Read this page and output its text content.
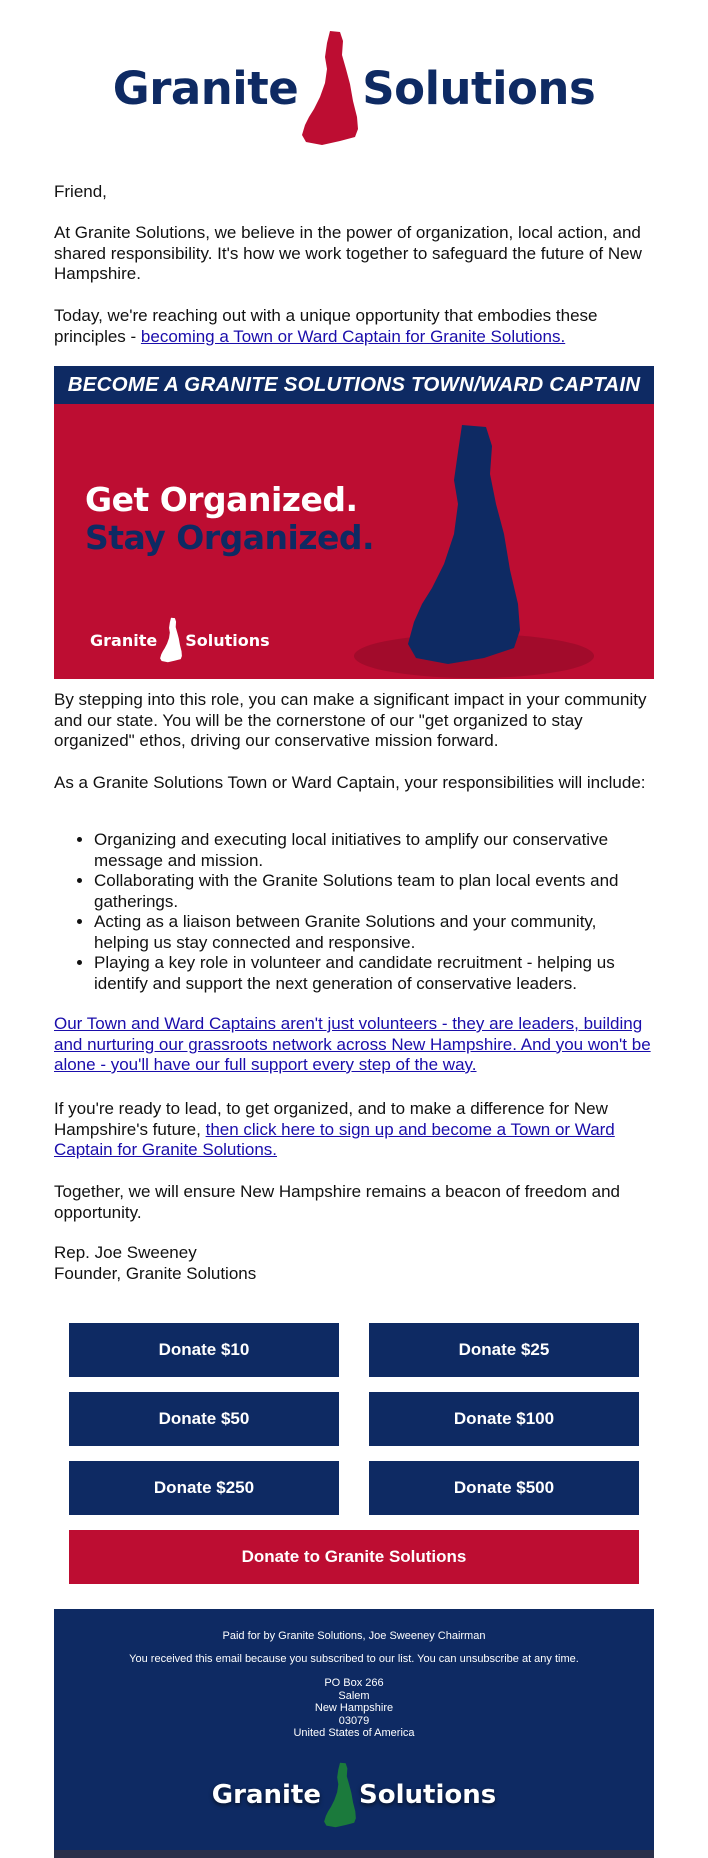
Granite Solutions

Friend,

At Granite Solutions, we believe in the power of organization, local action, and shared responsibility. It's how we work together to safeguard the future of New Hampshire.

Today, we're reaching out with a unique opportunity that embodies these principles - becoming a Town or Ward Captain for Granite Solutions.

BECOME A GRANITE SOLUTIONS TOWN/WARD CAPTAIN
Get Organized.
Stay Organized.
Granite Solutions

By stepping into this role, you can make a significant impact in your community and our state. You will be the cornerstone of our "get organized to stay organized" ethos, driving our conservative mission forward.

As a Granite Solutions Town or Ward Captain, your responsibilities will include:

• Organizing and executing local initiatives to amplify our conservative message and mission.
• Collaborating with the Granite Solutions team to plan local events and gatherings.
• Acting as a liaison between Granite Solutions and your community, helping us stay connected and responsive.
• Playing a key role in volunteer and candidate recruitment - helping us identify and support the next generation of conservative leaders.

Our Town and Ward Captains aren't just volunteers - they are leaders, building and nurturing our grassroots network across New Hampshire. And you won't be alone - you'll have our full support every step of the way.

If you're ready to lead, to get organized, and to make a difference for New Hampshire's future, then click here to sign up and become a Town or Ward Captain for Granite Solutions.

Together, we will ensure New Hampshire remains a beacon of freedom and opportunity.

Rep. Joe Sweeney

Founder, Granite Solutions

Donate $10	Donate $25
Donate $50	Donate $100
Donate $250	Donate $500
Donate to Granite Solutions
Paid for by Granite Solutions, Joe Sweeney Chairman
You received this email because you subscribed to our list. You can unsubscribe at any time.
PO Box 266
Salem
New Hampshire
03079
United States of America
Granite Solutions
